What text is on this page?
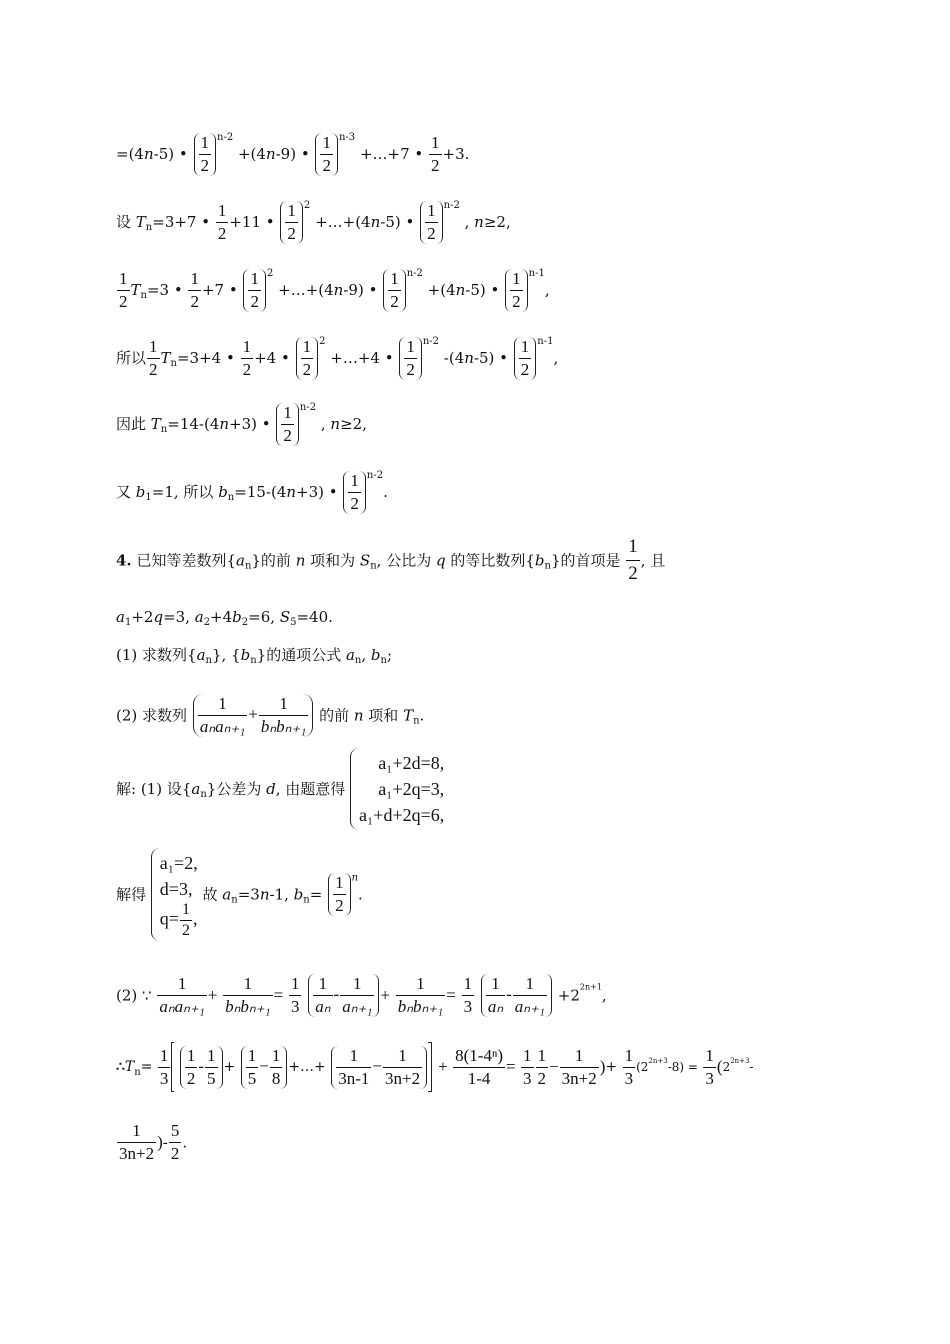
=(4n-5) • $\frac{1}{2} ^{n-2} +(4n-9)$ • $\frac{1}{2} ^{n-3}$ +…+7 • $\frac{1}{2} +3$.
设 $T_n=3+7$ • $\frac{1}{2} +11$ • $\frac{1}{2} ^2$ +…+(4n-5) • $\frac{1}{2} ^{n-2}$ , n≥2,
$\frac{1}{2} T_n=3$ • $\frac{1}{2} +7$ • $\frac{1}{2} ^2$ +…+(4n-9) • $\frac{1}{2} ^{n-2} +(4n-5)$ • $\frac{1}{2} ^{n-1}$,
所以 $\frac{1}{2} T_n=3+4$ • $\frac{1}{2} +4$ • $\frac{1}{2} ^2$ +…+4 • $\frac{1}{2} ^{n-2}$ -(4n-5) • $\frac{1}{2} ^{n-1}$,
因此 $T_n=14-(4n+3)$ • $\frac{1}{2} ^{n-2}$ , n≥2,
又 $b_1=1$, 所以 $b_n=15-(4n+3)$ • $\frac{1}{2} ^{n-2}$.
4. 已知等差数列$\{a_n\}$的前 n 项和为 $S_n$, 公比为 q 的等比数列$\{b_n\}$的首项是 $\frac{1}{2}$ , 且
$a_1+2q=3$, $a_2+4b_2=6$, $S_5=40$.
(1) 求数列$\{a_n\}$, $\{b_n\}$的通项公式 $a_n$, $b_n$;
(2) 求数列 $\frac{1}{\text{aₙaₙ₊₁}} + \frac{1}{\text{bₙbₙ₊₁}}$ 的前 n 项和 $T_n$.
解: (1) 设$\{a_n\}$公差为 d, 由题意得
a₁+2d=8,
a₁+2q=3,
a₁+d+2q=6,
解得
a₁=2,
d=3,
$q= \frac{1}{2}$ ,
故 $a_n=3n-1$, $b_n= \frac{1}{2} ^n$.
(2) ∵ $\frac{1}{\text{aₙaₙ₊₁}} + \frac{1}{\text{bₙbₙ₊₁}} = \frac{1}{3}$
$\frac{1}{\text{aₙ}} - \frac{1}{\text{aₙ₊₁}} + \frac{1}{\text{bₙbₙ₊₁}} = \frac{1}{3}$
$\frac{1}{\text{aₙ}} - \frac{1}{\text{aₙ₊₁}} +2^{2n+1}$,
$\therefore T_n= \frac{1}{3}$
$\frac{1}{2} - \frac{1}{5} + \frac{1}{5} - \frac{1}{8}$ +…+ $\frac{1}{3n-1} - \frac{1}{3n+2} + \frac{\text{8(1-4ⁿ)}}{1-4} = \frac{1}{3} \frac{1}{2} - \frac{1}{3n+2}$ )+ $\frac{1}{3} (2^{2n+3}-8) = \frac{1}{3} (2^{2n+3}-$
$\frac{1}{3n+2}$ )- $\frac{5}{2}$ .
